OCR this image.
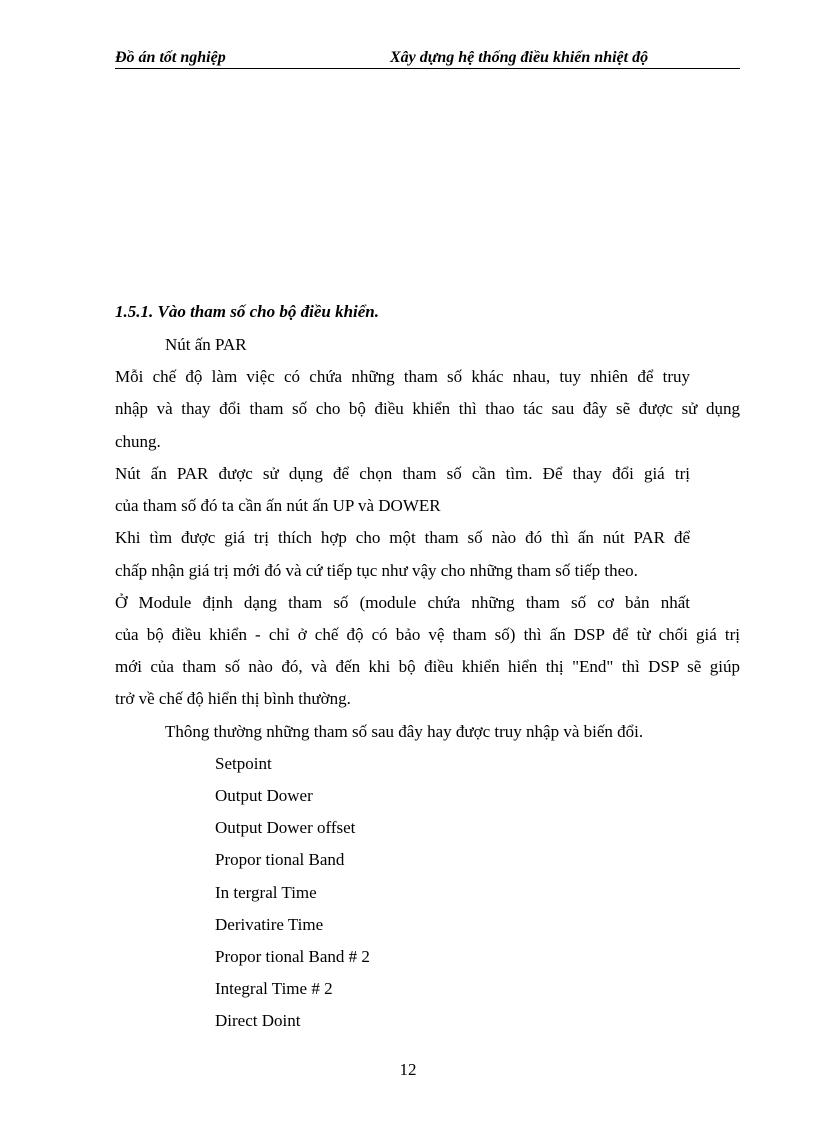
Đồ án tốt nghiệp	Xây dựng hệ thống điều khiển nhiệt độ
1.5.1. Vào tham số cho bộ điều khiển.
Nút ấn PAR
Mỗi chế độ làm việc có chứa những tham số khác nhau, tuy nhiên để truy
nhập và thay đổi tham số cho bộ điều khiển thì thao tác sau đây sẽ được sử dụng
chung.
Nút ấn PAR được sử dụng để chọn tham số cần tìm. Để thay đổi giá trị
của tham số đó ta cần ấn nút ấn UP và DOWER
Khi tìm được giá trị thích hợp cho một tham số nào đó thì ấn nút PAR để
chấp nhận giá trị mới đó và cứ tiếp tục như vậy cho những tham số tiếp theo.
Ở Module định dạng tham số (module chứa những tham số cơ bản nhất
của bộ điều khiển - chỉ ở chế độ có bảo vệ tham số) thì ấn DSP để từ chối giá trị
mới của tham số nào đó, và đến khi bộ điều khiển hiển thị "End" thì DSP sẽ giúp
trở về chế độ hiển thị bình thường.
Thông thường những tham số sau đây hay được truy nhập và biến đổi.
Setpoint
Output Dower
Output Dower offset
Propor tional Band
In tergral Time
Derivatire Time
Propor tional Band # 2
Integral Time # 2
Direct Doint
12
